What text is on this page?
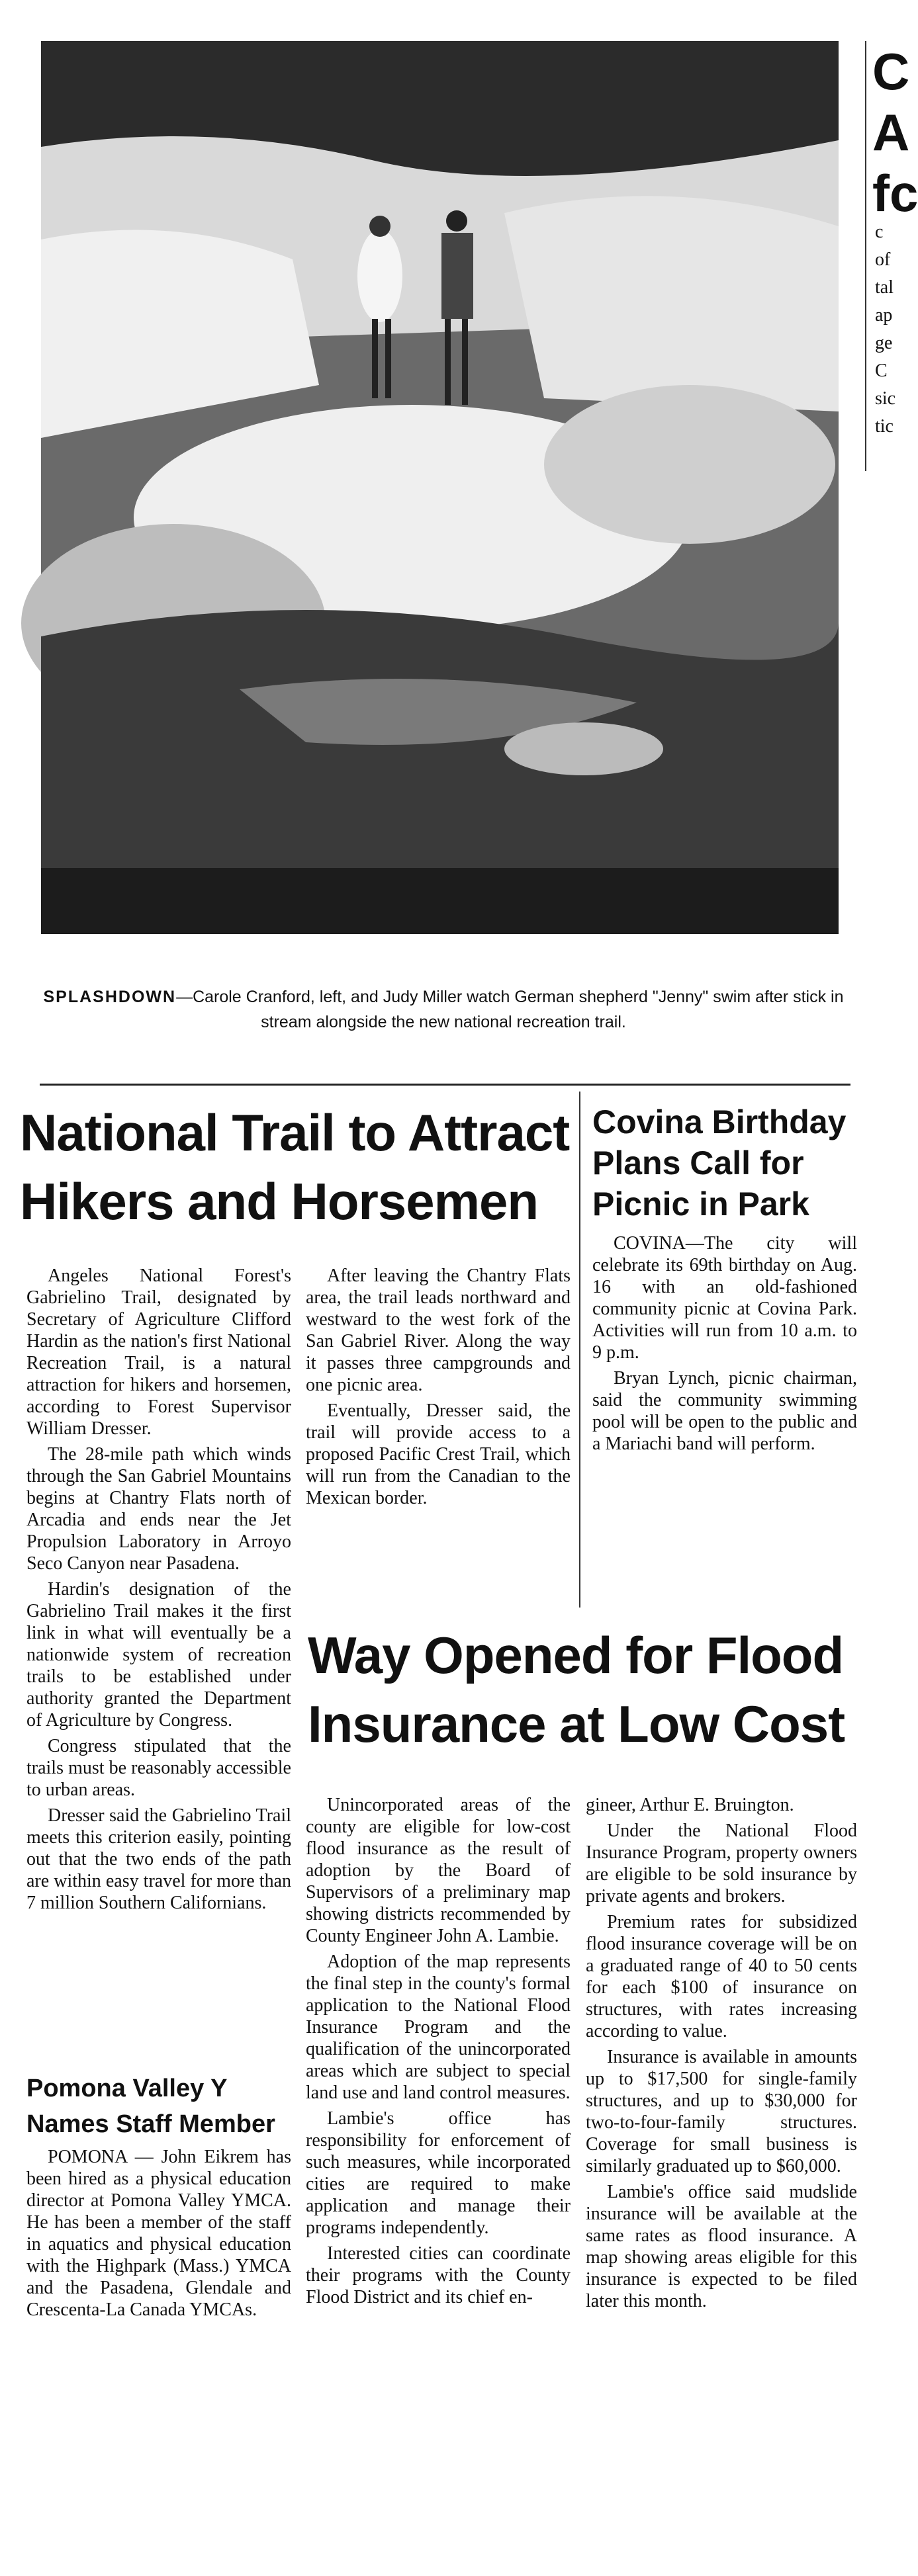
SPLASHDOWN—Carole Cranford, left, and Judy Miller watch German shepherd "Jenny" swim after stick in stream alongside the new national recreation trail.
C
A
fc
c
of
tal
ap
ge
C
sic
tic
National Trail to Attract Hikers and Horsemen

Angeles National Forest's Gabrielino Trail, designated by Secretary of Agriculture Clifford Hardin as the nation's first National Recreation Trail, is a natural attraction for hikers and horsemen, according to Forest Supervisor William Dresser.

The 28-mile path which winds through the San Gabriel Mountains begins at Chantry Flats north of Arcadia and ends near the Jet Propulsion Laboratory in Arroyo Seco Canyon near Pasadena.

Hardin's designation of the Gabrielino Trail makes it the first link in what will eventually be a nationwide system of recreation trails to be established under authority granted the Department of Agriculture by Congress.

Congress stipulated that the trails must be reasonably accessible to urban areas.

Dresser said the Gabrielino Trail meets this criterion easily, pointing out that the two ends of the path are within easy travel for more than 7 million Southern Californians.

After leaving the Chantry Flats area, the trail leads northward and westward to the west fork of the San Gabriel River. Along the way it passes three campgrounds and one picnic area.

Eventually, Dresser said, the trail will provide access to a proposed Pacific Crest Trail, which will run from the Canadian to the Mexican border.

Covina Birthday Plans Call for Picnic in Park

COVINA—The city will celebrate its 69th birthday on Aug. 16 with an old-fashioned community picnic at Covina Park. Activities will run from 10 a.m. to 9 p.m.

Bryan Lynch, picnic chairman, said the community swimming pool will be open to the public and a Mariachi band will perform.

Way Opened for Flood Insurance at Low Cost

Unincorporated areas of the county are eligible for low-cost flood insurance as the result of adoption by the Board of Supervisors of a preliminary map showing districts recommended by County Engineer John A. Lambie.

Adoption of the map represents the final step in the county's formal application to the National Flood Insurance Program and the qualification of the unincorporated areas which are subject to special land use and land control measures.

Lambie's office has responsibility for enforcement of such measures, while incorporated cities are required to make application and manage their programs independently.

Interested cities can coordinate their programs with the County Flood District and its chief en-

gineer, Arthur E. Bruington.

Under the National Flood Insurance Program, property owners are eligible to be sold insurance by private agents and brokers.

Premium rates for subsidized flood insurance coverage will be on a graduated range of 40 to 50 cents for each $100 of insurance on structures, with rates increasing according to value.

Insurance is available in amounts up to $17,500 for single-family structures, and up to $30,000 for two-to-four-family structures. Coverage for small business is similarly graduated up to $60,000.

Lambie's office said mudslide insurance will be available at the same rates as flood insurance. A map showing areas eligible for this insurance is expected to be filed later this month.

Pomona Valley Y Names Staff Member

POMONA — John Eikrem has been hired as a physical education director at Pomona Valley YMCA. He has been a member of the staff in aquatics and physical education with the Highpark (Mass.) YMCA and the Pasadena, Glendale and Crescenta-La Canada YMCAs.
